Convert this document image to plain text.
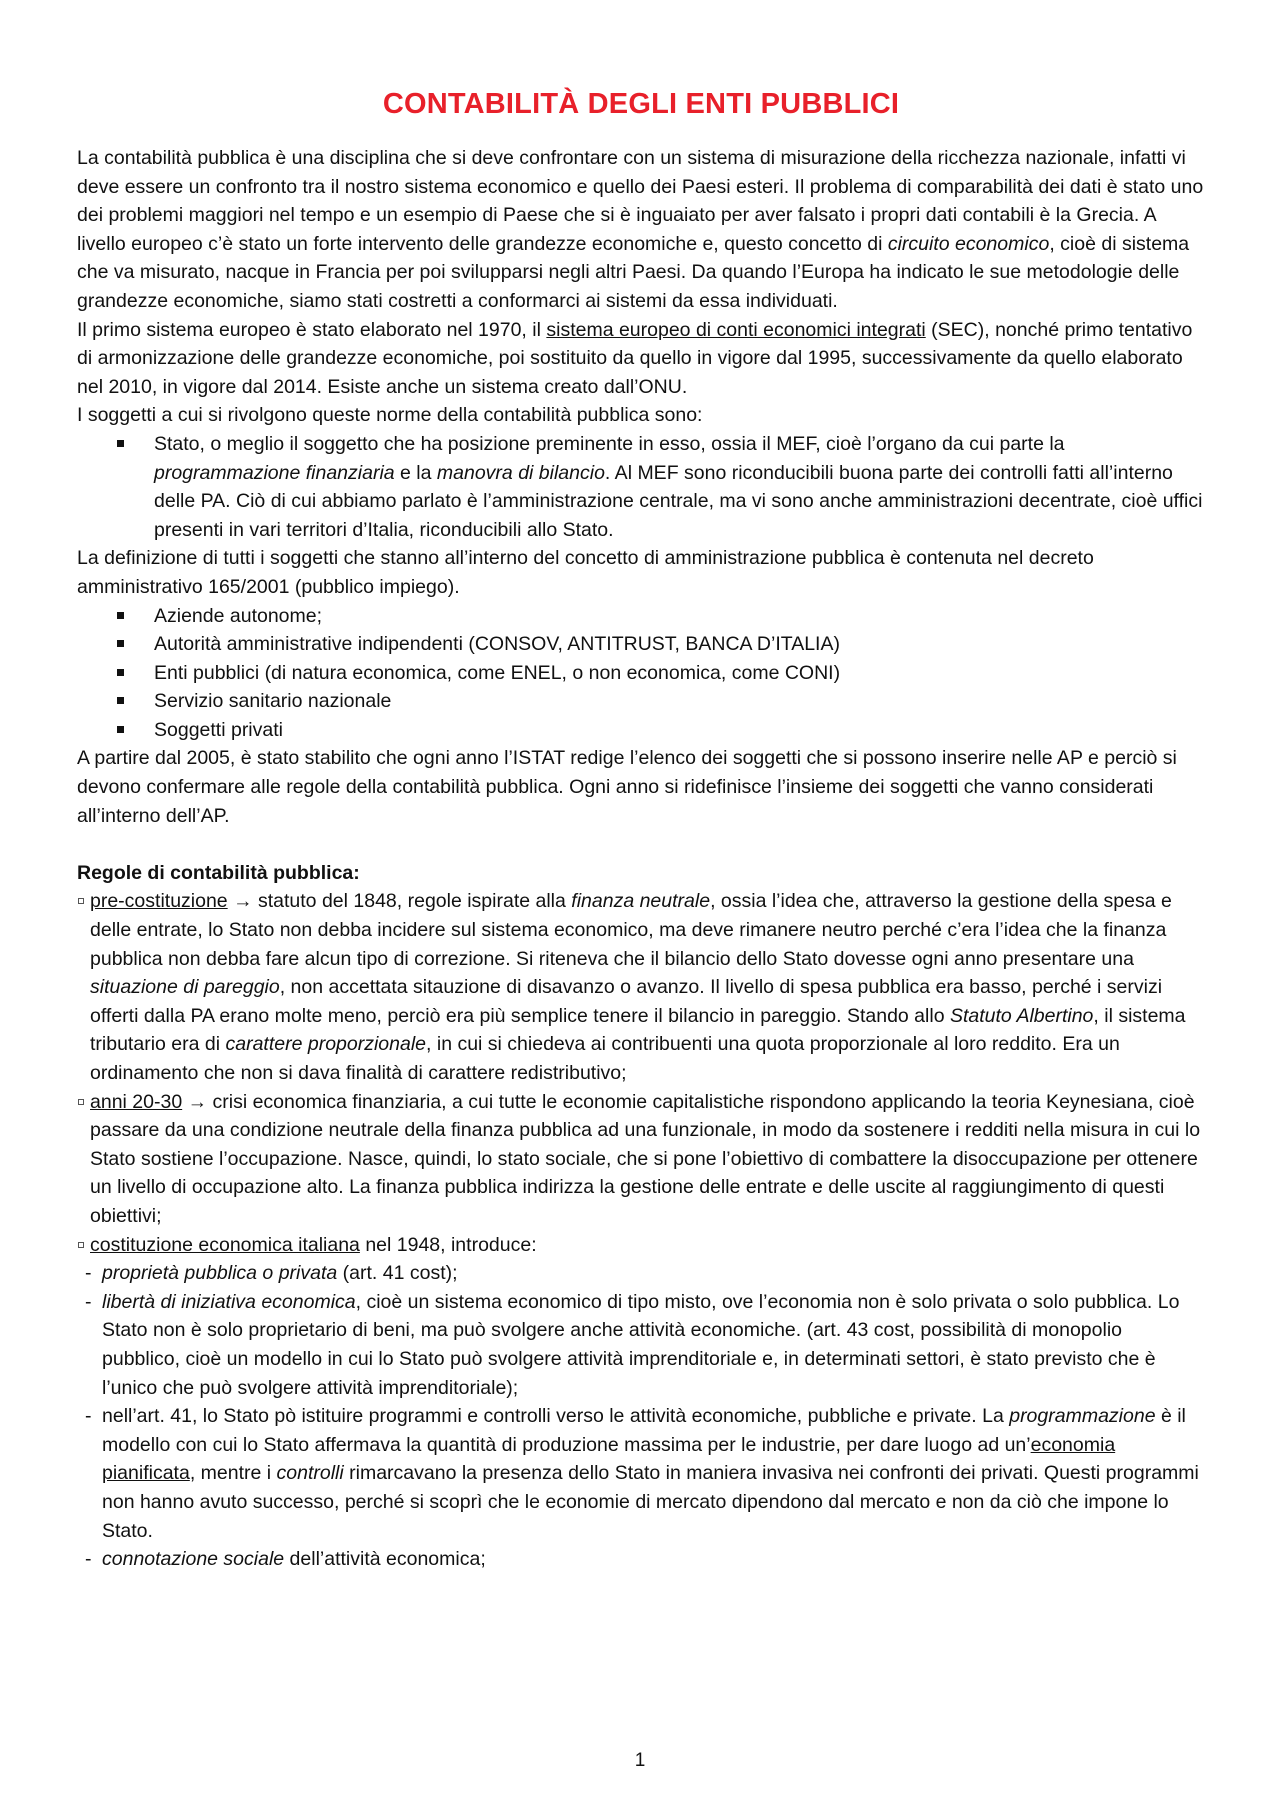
CONTABILITÀ DEGLI ENTI PUBBLICI

La contabilità pubblica è una disciplina che si deve confrontare con un sistema di misurazione della ricchezza nazionale, infatti vi deve essere un confronto tra il nostro sistema economico e quello dei Paesi esteri. Il problema di comparabilità dei dati è stato uno dei problemi maggiori nel tempo e un esempio di Paese che si è inguaiato per aver falsato i propri dati contabili è la Grecia. A livello europeo c’è stato un forte intervento delle grandezze economiche e, questo concetto di circuito economico, cioè di sistema che va misurato, nacque in Francia per poi svilupparsi negli altri Paesi. Da quando l’Europa ha indicato le sue metodologie delle grandezze economiche, siamo stati costretti a conformarci ai sistemi da essa individuati.

Il primo sistema europeo è stato elaborato nel 1970, il sistema europeo di conti economici integrati (SEC), nonché primo tentativo di armonizzazione delle grandezze economiche, poi sostituito da quello in vigore dal 1995, successivamente da quello elaborato nel 2010, in vigore dal 2014. Esiste anche un sistema creato dall’ONU.

I soggetti a cui si rivolgono queste norme della contabilità pubblica sono:

Stato, o meglio il soggetto che ha posizione preminente in esso, ossia il MEF, cioè l’organo da cui parte la programmazione finanziaria e la manovra di bilancio. Al MEF sono riconducibili buona parte dei controlli fatti all’interno delle PA. Ciò di cui abbiamo parlato è l’amministrazione centrale, ma vi sono anche amministrazioni decentrate, cioè uffici presenti in vari territori d’Italia, riconducibili allo Stato.

La definizione di tutti i soggetti che stanno all’interno del concetto di amministrazione pubblica è contenuta nel decreto amministrativo 165/2001 (pubblico impiego).

Aziende autonome;
Autorità amministrative indipendenti (CONSOV, ANTITRUST, BANCA D’ITALIA)
Enti pubblici (di natura economica, come ENEL, o non economica, come CONI)
Servizio sanitario nazionale
Soggetti privati

A partire dal 2005, è stato stabilito che ogni anno l’ISTAT redige l’elenco dei soggetti che si possono inserire nelle AP e perciò si devono confermare alle regole della contabilità pubblica. Ogni anno si ridefinisce l’insieme dei soggetti che vanno considerati all’interno dell’AP.

Regole di contabilità pubblica:

pre-costituzione → statuto del 1848, regole ispirate alla finanza neutrale, ossia l’idea che, attraverso la gestione della spesa e delle entrate, lo Stato non debba incidere sul sistema economico, ma deve rimanere neutro perché c’era l’idea che la finanza pubblica non debba fare alcun tipo di correzione. Si riteneva che il bilancio dello Stato dovesse ogni anno presentare una situazione di pareggio, non accettata sitauzione di disavanzo o avanzo. Il livello di spesa pubblica era basso, perché i servizi offerti dalla PA erano molte meno, perciò era più semplice tenere il bilancio in pareggio. Stando allo Statuto Albertino, il sistema tributario era di carattere proporzionale, in cui si chiedeva ai contribuenti una quota proporzionale al loro reddito. Era un ordinamento che non si dava finalità di carattere redistributivo;

anni 20-30 → crisi economica finanziaria, a cui tutte le economie capitalistiche rispondono applicando la teoria Keynesiana, cioè passare da una condizione neutrale della finanza pubblica ad una funzionale, in modo da sostenere i redditi nella misura in cui lo Stato sostiene l’occupazione. Nasce, quindi, lo stato sociale, che si pone l’obiettivo di combattere la disoccupazione per ottenere un livello di occupazione alto. La finanza pubblica indirizza la gestione delle entrate e delle uscite al raggiungimento di questi obiettivi;

costituzione economica italiana nel 1948, introduce:

- proprietà pubblica o privata (art. 41 cost);

- libertà di iniziativa economica, cioè un sistema economico di tipo misto, ove l’economia non è solo privata o solo pubblica. Lo Stato non è solo proprietario di beni, ma può svolgere anche attività economiche. (art. 43 cost, possibilità di monopolio pubblico, cioè un modello in cui lo Stato può svolgere attività imprenditoriale e, in determinati settori, è stato previsto che è l’unico che può svolgere attività imprenditoriale);

- nell’art. 41, lo Stato pò istituire programmi e controlli verso le attività economiche, pubbliche e private. La programmazione è il modello con cui lo Stato affermava la quantità di produzione massima per le industrie, per dare luogo ad un’economia pianificata, mentre i controlli rimarcavano la presenza dello Stato in maniera invasiva nei confronti dei privati. Questi programmi non hanno avuto successo, perché si scoprì che le economie di mercato dipendono dal mercato e non da ciò che impone lo Stato.

- connotazione sociale dell’attività economica;

1
